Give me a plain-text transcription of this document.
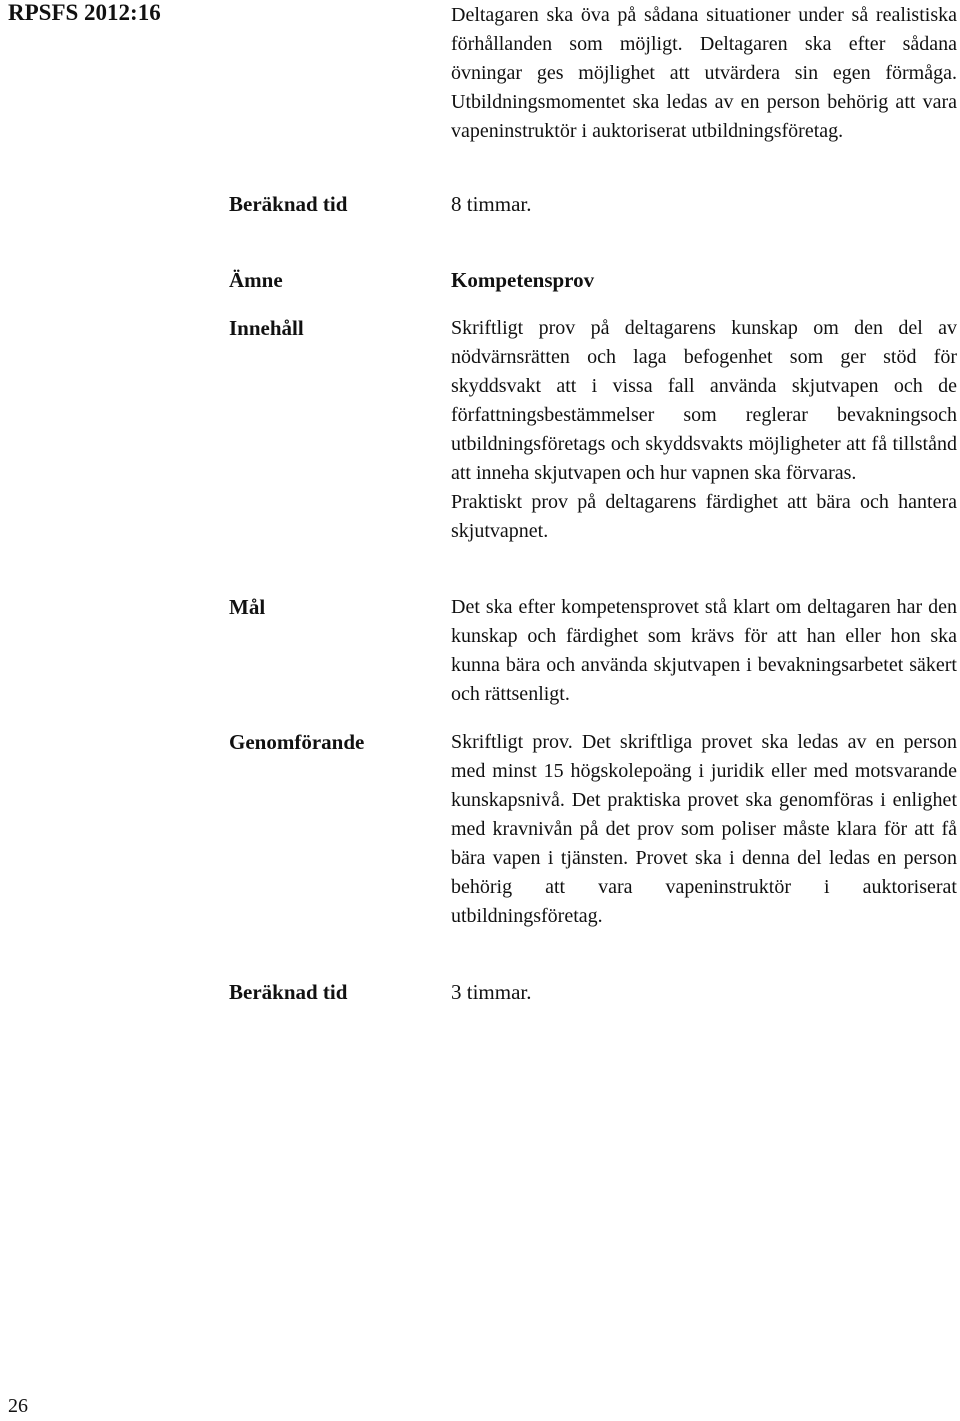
RPSFS 2012:16	Deltagaren ska öva på sådana situationer under så realistiska förhållanden som möjligt. Deltagaren ska efter sådana övningar ges möjlighet att utvärdera sin egen förmåga. Utbildningsmomentet ska ledas av en person behörig att vara vapeninstruktör i auktoriserat utbildningsföretag.

Beräknad tid	8 timmar.
Ämne	Kompetensprov
Innehåll	Skriftligt prov på deltagarens kunskap om den del av nödvärnsrätten och laga befogenhet som ger stöd för skyddsvakt att i vissa fall använda skjutvapen och de författningsbestämmelser som reglerar bevakningsoch utbildningsföretags och skyddsvakts möjligheter att få tillstånd att inneha skjutvapen och hur vapnen ska förvaras.
Praktiskt prov på deltagarens färdighet att bära och hantera skjutvapnet.
Mål	Det ska efter kompetensprovet stå klart om deltagaren har den kunskap och färdighet som krävs för att han eller hon ska kunna bära och använda skjutvapen i bevakningsarbetet säkert och rättsenligt.

Genomförande	Skriftligt prov. Det skriftliga provet ska ledas av en person med minst 15 högskolepoäng i juridik eller med motsvarande kunskapsnivå. Det praktiska provet ska genomföras i enlighet med kravnivån på det prov som poliser måste klara för att få bära vapen i tjänsten. Provet ska i denna del ledas en person behörig att vara vapeninstruktör i auktoriserat utbildningsföretag.

Beräknad tid	3 timmar.
26
